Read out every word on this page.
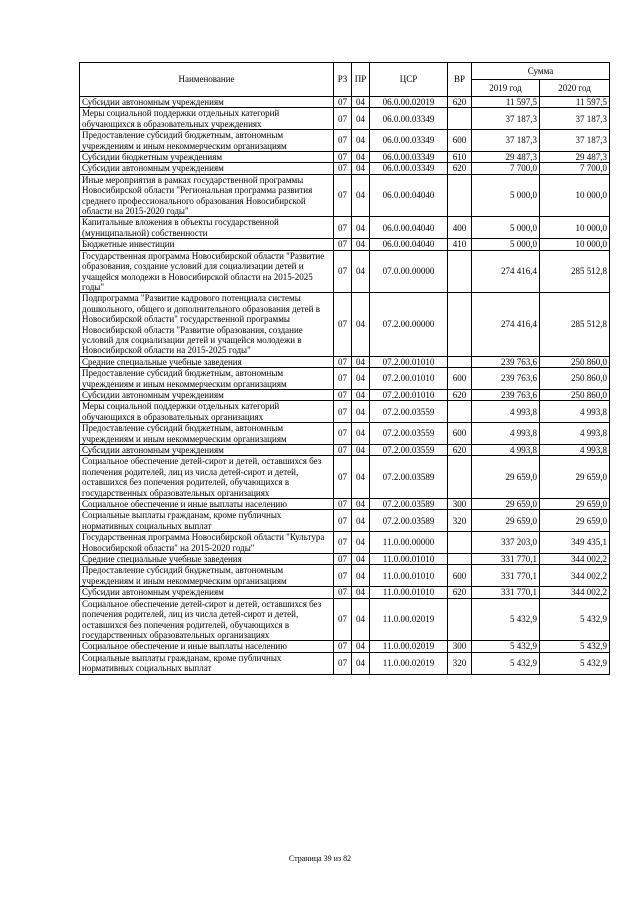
Наименование	РЗ	ПР	ЦСР	ВР	Сумма	
					2019 год	2020 год
Субсидии автономным учреждениям	07	04	06.0.00.02019	620	11 597,5	11 597,5
Меры социальной поддержки отдельных категорий обучающихся в образовательных учреждениях	07	04	06.0.00.03349		37 187,3	37 187,3
Предоставление субсидий бюджетным, автономным учреждениям и иным некоммерческим организациям	07	04	06.0.00.03349	600	37 187,3	37 187,3
Субсидии бюджетным учреждениям	07	04	06.0.00.03349	610	29 487,3	29 487,3
Субсидии автономным учреждениям	07	04	06.0.00.03349	620	7 700,0	7 700,0
Иные мероприятия в рамках государственной программы Новосибирской области "Региональная программа развития среднего профессионального образования Новосибирской области на 2015-2020 годы"	07	04	06.0.00.04040		5 000,0	10 000,0
Капитальные вложения в объекты государственной (муниципальной) собственности	07	04	06.0.00.04040	400	5 000,0	10 000,0
Бюджетные инвестиции	07	04	06.0.00.04040	410	5 000,0	10 000,0
Государственная программа Новосибирской области "Развитие образования, создание условий для социализации детей и учащейся молодежи в Новосибирской области на 2015-2025 годы"	07	04	07.0.00.00000		274 416,4	285 512,8
Подпрограмма "Развитие кадрового потенциала системы дошкольного, общего и дополнительного образования детей в Новосибирской области" государственной программы Новосибирской области "Развитие образования, создание условий для социализации детей и учащейся молодежи в Новосибирской области на 2015-2025 годы"	07	04	07.2.00.00000		274 416,4	285 512,8
Средние специальные учебные заведения	07	04	07.2.00.01010		239 763,6	250 860,0
Предоставление субсидий бюджетным, автономным учреждениям и иным некоммерческим организациям	07	04	07.2.00.01010	600	239 763,6	250 860,0
Субсидии автономным учреждениям	07	04	07.2.00.01010	620	239 763,6	250 860,0
Меры социальной поддержки отдельных категорий обучающихся в образовательных организациях	07	04	07.2.00.03559		4 993,8	4 993,8
Предоставление субсидий бюджетным, автономным учреждениям и иным некоммерческим организациям	07	04	07.2.00.03559	600	4 993,8	4 993,8
Субсидии автономным учреждениям	07	04	07.2.00.03559	620	4 993,8	4 993,8
Социальное обеспечение детей-сирот и детей, оставшихся без попечения родителей, лиц из числа детей-сирот и детей, оставшихся без попечения родителей, обучающихся в государственных образовательных организациях	07	04	07.2.00.03589		29 659,0	29 659,0
Социальное обеспечение и иные выплаты населению	07	04	07.2.00.03589	300	29 659,0	29 659,0
Социальные выплаты гражданам, кроме публичных нормативных социальных выплат	07	04	07.2.00.03589	320	29 659,0	29 659,0
Государственная программа Новосибирской области "Культура Новосибирской области" на 2015-2020 годы"	07	04	11.0.00.00000		337 203,0	349 435,1
Средние специальные учебные заведения	07	04	11.0.00.01010		331 770,1	344 002,2
Предоставление субсидий бюджетным, автономным учреждениям и иным некоммерческим организациям	07	04	11.0.00.01010	600	331 770,1	344 002,2
Субсидии автономным учреждениям	07	04	11.0.00.01010	620	331 770,1	344 002,2
Социальное обеспечение детей-сирот и детей, оставшихся без попечения родителей, лиц из числа детей-сирот и детей, оставшихся без попечения родителей, обучающихся в государственных образовательных организациях	07	04	11.0.00.02019		5 432,9	5 432,9
Социальное обеспечение и иные выплаты населению	07	04	11.0.00.02019	300	5 432,9	5 432,9
Социальные выплаты гражданам, кроме публичных нормативных социальных выплат	07	04	11.0.00.02019	320	5 432,9	5 432,9
Страница 39 из 82
